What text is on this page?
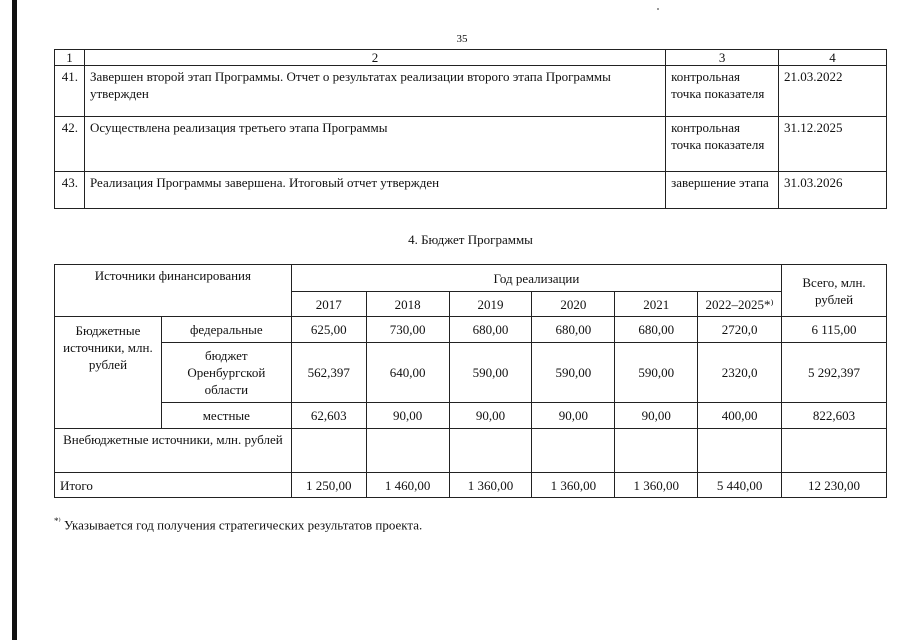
35
1	2	3	4
41.	Завершен второй этап Программы. Отчет о результатах реализации второго этапа Программы утвержден	контрольная точка показателя	21.03.2022
42.	Осуществлена реализация третьего этапа Программы	контрольная точка показателя	31.12.2025
43.	Реализация Программы завершена. Итоговый отчет утвержден	завершение этапа	31.03.2026
4. Бюджет Программы
Источники финансирования		Год реализации						Всего, млн. рублей
		2017	2018	2019	2020	2021	2022–2025*⁾	
Бюджетные источники, млн. рублей	федеральные	625,00	730,00	680,00	680,00	680,00	2720,0	6 115,00
	бюджет Оренбургской области	562,397	640,00	590,00	590,00	590,00	2320,0	5 292,397
	местные	62,603	90,00	90,00	90,00	90,00	400,00	822,603
Внебюджетные источники, млн. рублей								
Итого		1 250,00	1 460,00	1 360,00	1 360,00	1 360,00	5 440,00	12 230,00
*⁾ Указывается год получения стратегических результатов проекта.
